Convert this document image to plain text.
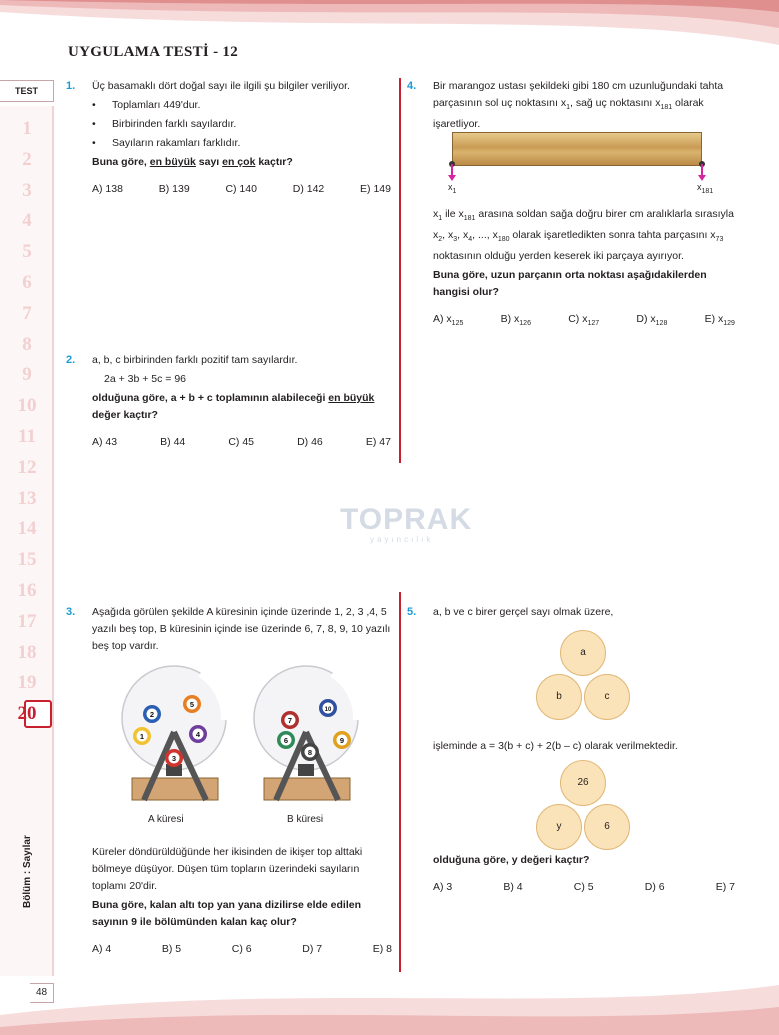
UYGULAMA TESTİ - 12
TEST
1
2
3
4
5
6
7
8
9
10
11
12
13
14
15
16
17
18
19
20
48
TOPRAK
yayıncılık
1. Üç basamaklı dört doğal sayı ile ilgili şu bilgiler veriliyor.
• Toplamları 449'dur.
• Birbirinden farklı sayılardır.
• Sayıların rakamları farklıdır.
Buna göre, en büyük sayı en çok kaçtır?
A) 138	B) 139	C) 140	D) 142	E) 149
2. a, b, c birbirinden farklı pozitif tam sayılardır.
2a + 3b + 5c = 96
olduğuna göre, a + b + c toplamının alabileceği en büyük
değer kaçtır?
A) 43	B) 44	C) 45	D) 46	E) 47
3. Aşağıda görülen şekilde A küresinin içinde üzerinde 1, 2, 3 ,4, 5 yazılı beş top, B küresinin içinde ise üzerinde 6, 7, 8, 9, 10 yazılı beş top vardır.
1
2
3
4
5
6
7
8
9
10
A küresi	B küresi
Küreler döndürüldüğünde her ikisinden de ikişer top alttaki bölmeye düşüyor. Düşen tüm topların üzerindeki sayıların toplamı 20'dir.
Buna göre, kalan altı top yan yana dizilirse elde edilen sayının 9 ile bölümünden kalan kaç olur?
A) 4	B) 5	C) 6	D) 7	E) 8
4. Bir marangoz ustası şekildeki gibi 180 cm uzunluğundaki tahta parçasının sol uç noktasını $x_1$, sağ uç noktasını $x_{181}$ olarak işaretliyor.
$x_1$	$x_{181}$
$x_1$ ile $x_{181}$ arasına soldan sağa doğru birer cm aralıklarla sırasıyla $x_2$, $x_3$, $x_4$, ..., $x_{180}$ olarak işaretledikten sonra tahta parçasını $x_{73}$ noktasının olduğu yerden keserek iki parçaya ayırıyor.
Buna göre, uzun parçanın orta noktası aşağıdakilerden hangisi olur?
A) $x_{125}$	B) $x_{126}$	C) $x_{127}$	D) $x_{128}$	E) $x_{129}$
5. a, b ve c birer gerçel sayı olmak üzere,
a
b	c
işleminde a = 3(b + c) + 2(b – c) olarak verilmektedir.
26
y	6
olduğuna göre, y değeri kaçtır?
A) 3	B) 4	C) 5	D) 6	E) 7
